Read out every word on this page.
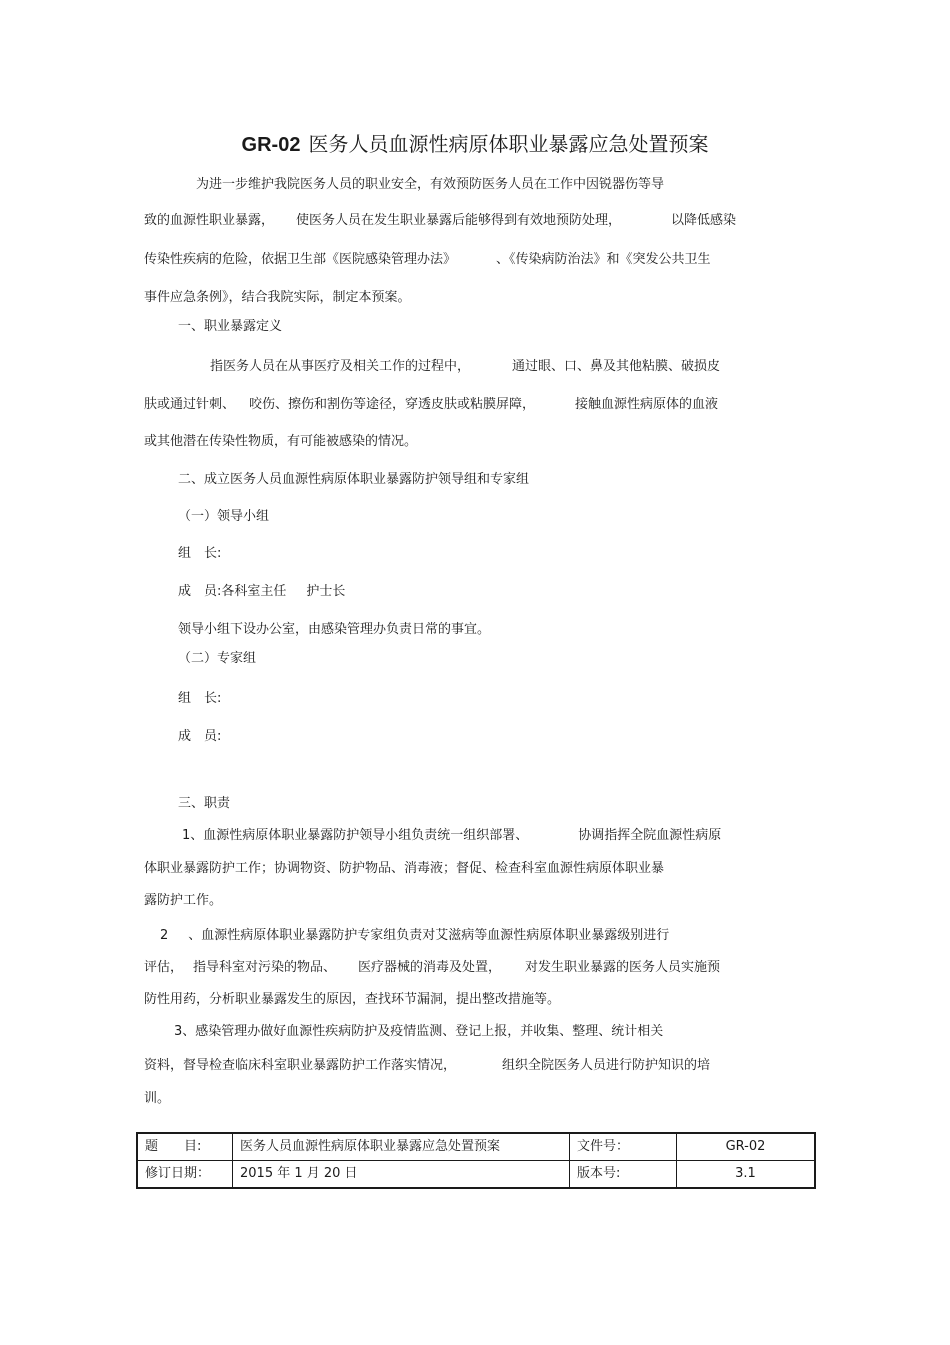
GR-02 医务人员血源性病原体职业暴露应急处置预案
为进一步维护我院医务人员的职业安全，有效预防医务人员在工作中因锐器伤等导
致的血源性职业暴露， 使医务人员在发生职业暴露后能够得到有效地预防处理，	以降低感染
传染性疾病的危险，依据卫生部《医院感染管理办法》	、《传染病防治法》和《突发公共卫生
事件应急条例》，结合我院实际，制定本预案。
一、职业暴露定义
指医务人员在从事医疗及相关工作的过程中，	通过眼、口、鼻及其他粘膜、破损皮
肤或通过针刺、 咬伤、擦伤和割伤等途径，穿透皮肤或粘膜屏障，	接触血源性病原体的血液
或其他潜在传染性物质，有可能被感染的情况。
二、成立医务人员血源性病原体职业暴露防护领导组和专家组
（一）领导小组
组　长:
成　员:各科室主任 护士长
领导小组下设办公室，由感染管理办负责日常的事宜。
（二）专家组
组　长:
成　员:
三、职责
1、血源性病原体职业暴露防护领导小组负责统一组织部署、	协调指挥全院血源性病原
体职业暴露防护工作；协调物资、防护物品、消毒液；督促、检查科室血源性病原体职业暴
露防护工作。
2 、血源性病原体职业暴露防护专家组负责对艾滋病等血源性病原体职业暴露级别进行
评估， 指导科室对污染的物品、 医疗器械的消毒及处置， 对发生职业暴露的医务人员实施预
防性用药，分析职业暴露发生的原因，查找环节漏洞，提出整改措施等。
3、感染管理办做好血源性疾病防护及疫情监测、登记上报，并收集、整理、统计相关
资料，督导检查临床科室职业暴露防护工作落实情况，	组织全院医务人员进行防护知识的培
训。
题　　目:	医务人员血源性病原体职业暴露应急处置预案	文件号：	GR-02
修订日期：	2015 年 1 月 20 日	版本号:	3.1
